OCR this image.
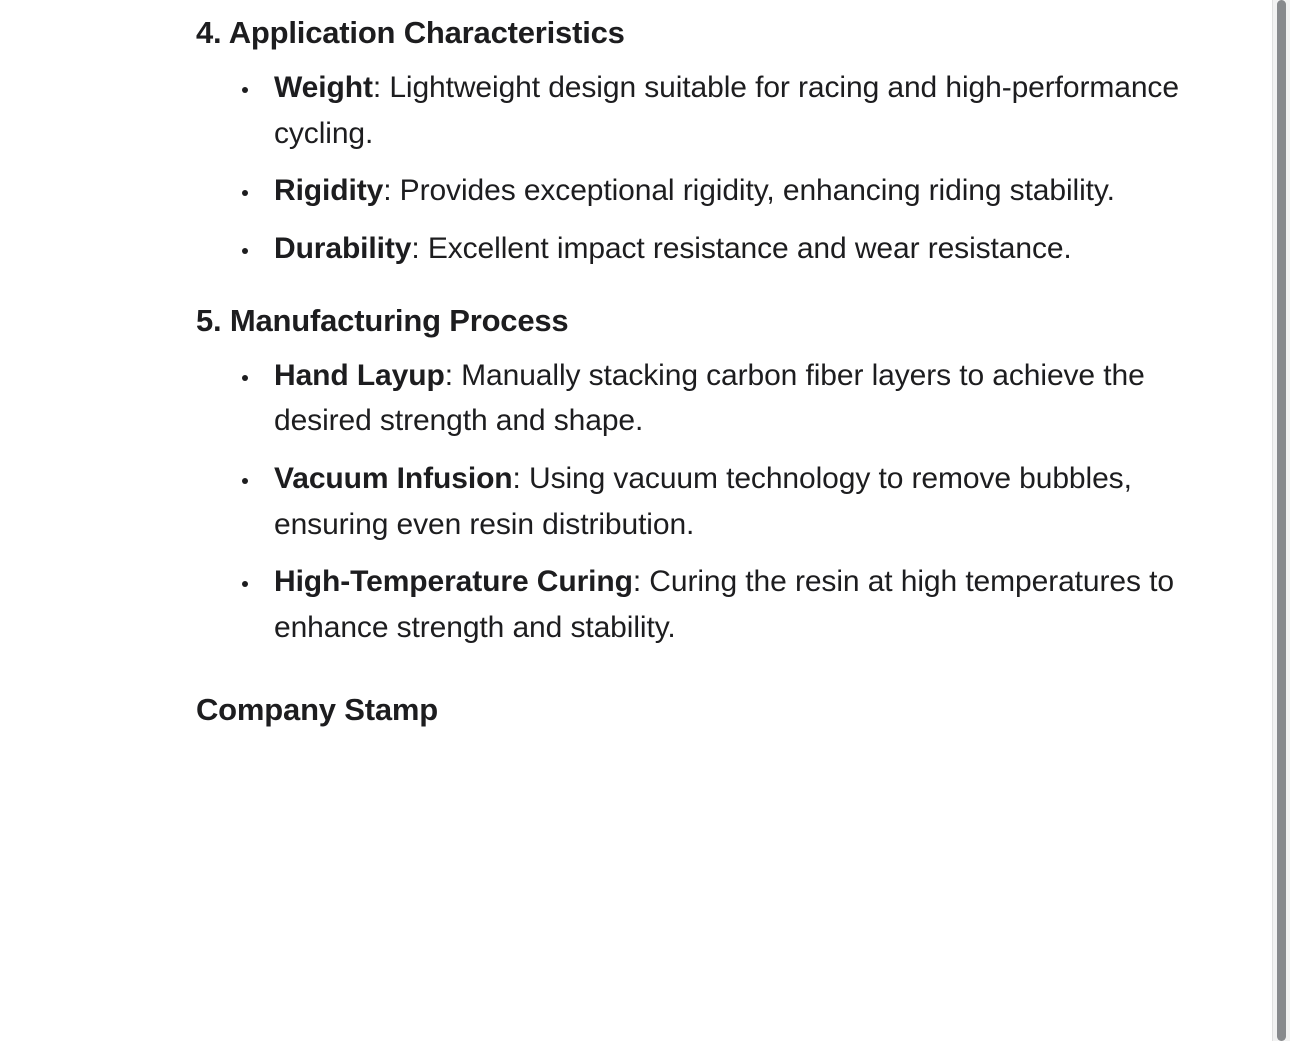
4. Application Characteristics
Weight: Lightweight design suitable for racing and high-performance cycling.
Rigidity: Provides exceptional rigidity, enhancing riding stability.
Durability: Excellent impact resistance and wear resistance.
5. Manufacturing Process
Hand Layup: Manually stacking carbon fiber layers to achieve the desired strength and shape.
Vacuum Infusion: Using vacuum technology to remove bubbles, ensuring even resin distribution.
High-Temperature Curing: Curing the resin at high temperatures to enhance strength and stability.
Company Stamp
